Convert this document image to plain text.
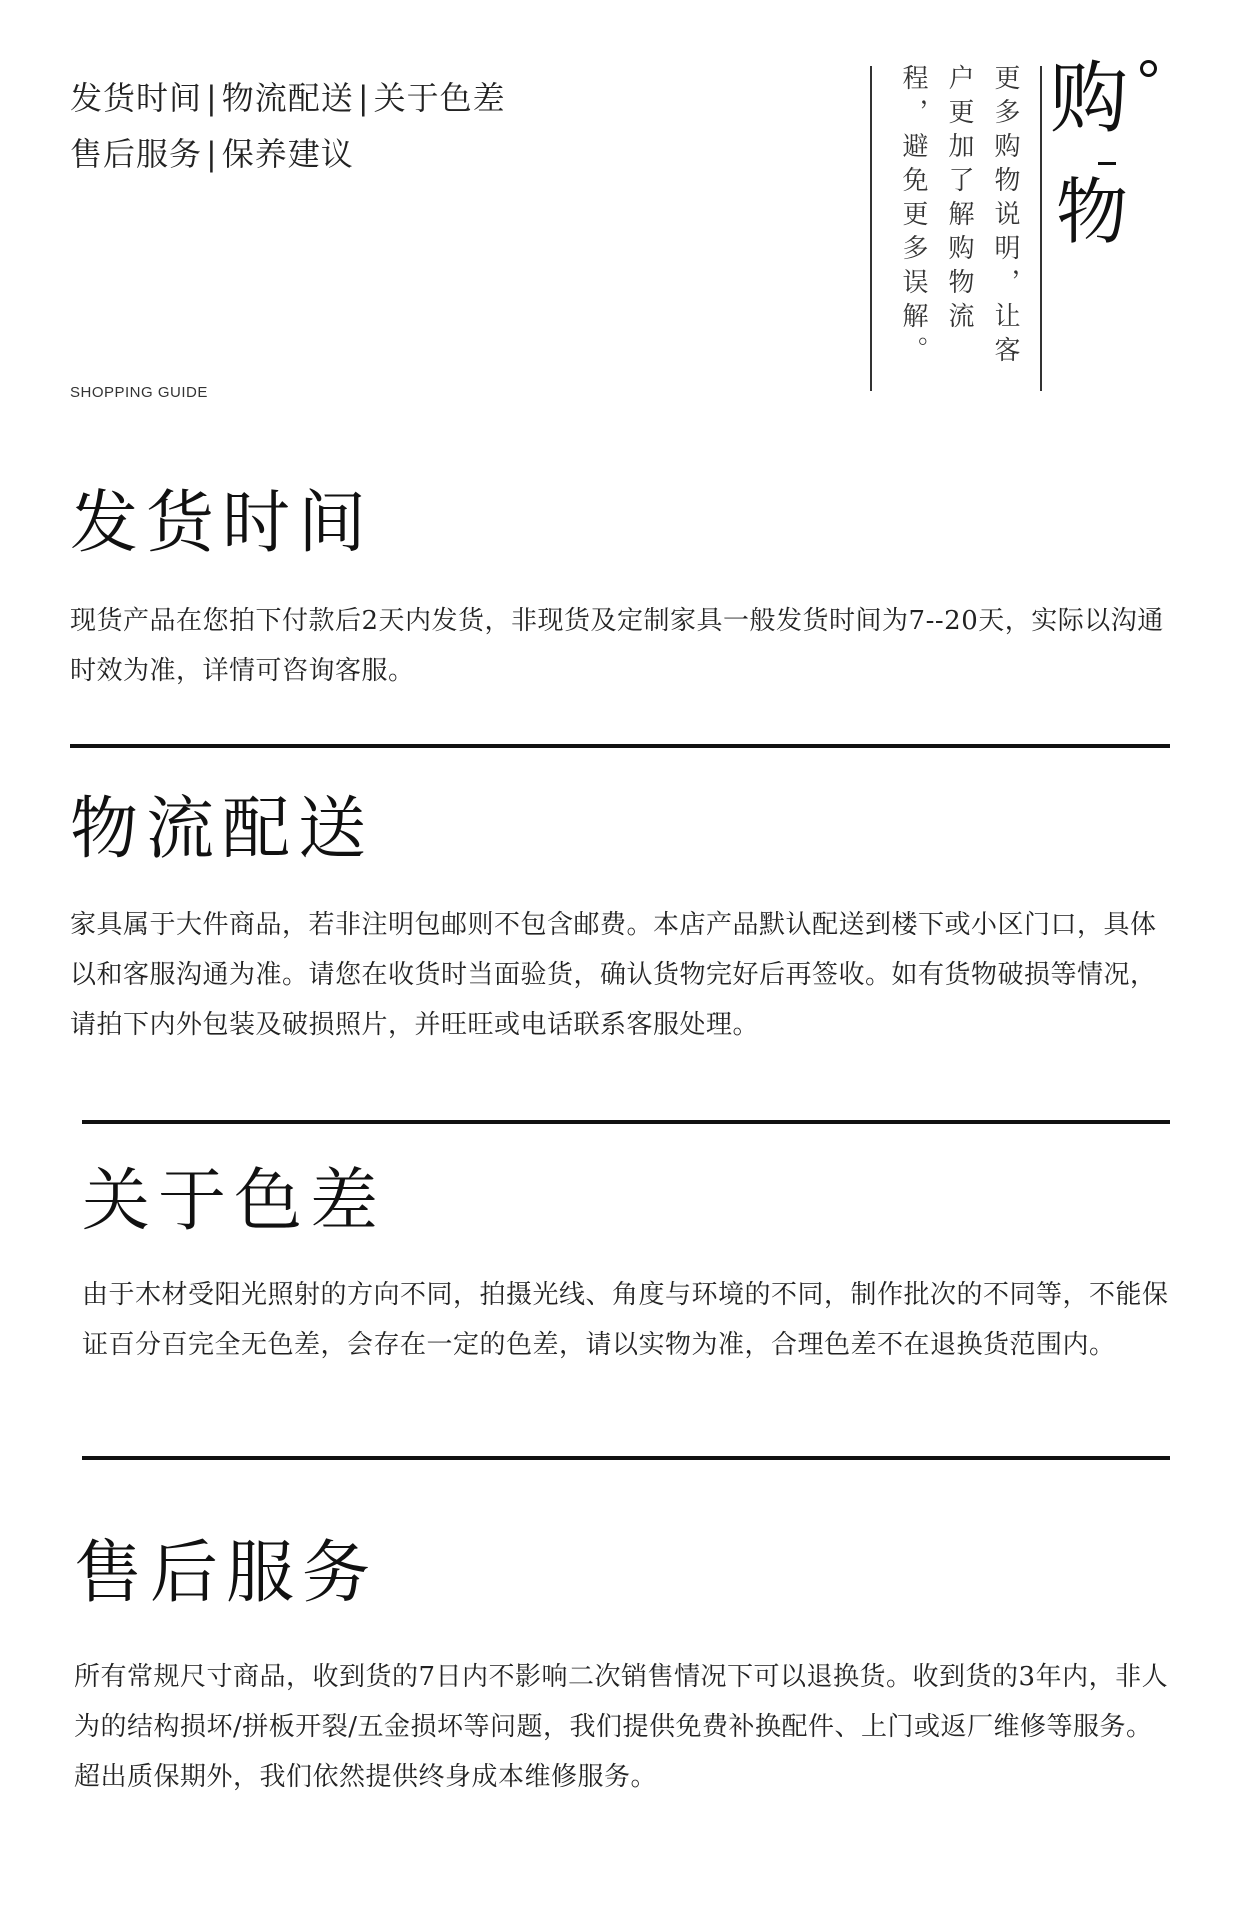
发货时间 | 物流配送 | 关于色差
售后服务 | 保养建议
SHOPPING GUIDE
更多购物说明，让客户更加了解购物流程，避免更多误解。	购
物
发货时间

现货产品在您拍下付款后2天内发货，非现货及定制家具一般发货时间为7--20天，实际以沟通时效为准，详情可咨询客服。

物流配送

家具属于大件商品，若非注明包邮则不包含邮费。本店产品默认配送到楼下或小区门口，具体以和客服沟通为准。请您在收货时当面验货，确认货物完好后再签收。如有货物破损等情况，请拍下内外包装及破损照片，并旺旺或电话联系客服处理。

关于色差

由于木材受阳光照射的方向不同，拍摄光线、角度与环境的不同，制作批次的不同等，不能保证百分百完全无色差，会存在一定的色差，请以实物为准，合理色差不在退换货范围内。

售后服务

所有常规尺寸商品，收到货的7日内不影响二次销售情况下可以退换货。收到货的3年内，非人为的结构损坏/拼板开裂/五金损坏等问题，我们提供免费补换配件、上门或返厂维修等服务。超出质保期外，我们依然提供终身成本维修服务。
